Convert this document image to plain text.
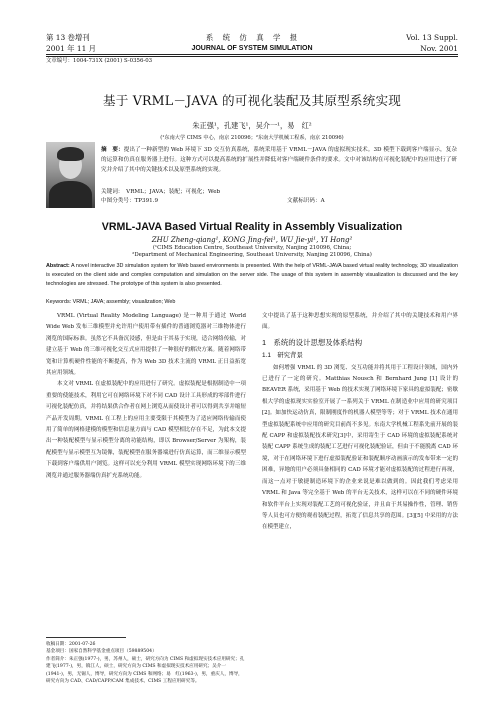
第 13 卷增刊
2001 年 11 月
系　统　仿　真　学　报
JOURNAL OF SYSTEM SIMULATION
Vol. 13 Suppl.
Nov. 2001
文章编号：1004-731X (2001) S-0356-03
基于 VRML－JAVA 的可视化装配及其原型系统实现
朱正强¹，孔建飞¹，吴介一¹，易　红²
(¹东南大学 CIMS 中心，南京 210096；²东南大学机械工程系，南京 210096)
摘　要：提出了一种新型的 Web 环境下 3D 交互仿真系统，系统采用基于 VRML－JAVA 的虚拟现实技术。3D 模型下载到客户端显示，复杂的运算和仿真在服务器上进行。这种方式可以提高系统的扩展性并降低对客户端硬件条件的要求。文中对该结构在可视化装配中的应用进行了研究并介绍了其中的关键技术以及原型系统的实现。
关键词：　VRML；JAVA；装配；可视化；Web
VRML-JAVA Based Virtual Reality in Assembly Visualization
ZHU Zheng-qiang¹, KONG Jing-fei¹, WU Jie-yi¹, YI Hong²
(¹CIMS Education Centre, Southeast University, Nanjing 210096, China;
²Department of Mechanical Engineering, Southeast University, Nanjing 210096, China)
Abstract: A novel interactive 3D simulation system for Web based environments is presented. With the help of VRML-JAVA based virtual reality technology, 3D visualization is executed on the client side and complex computation and simulation on the server side. The usage of this system in assembly visualization is discussed and the key technologies are stressed. The prototype of this system is also presented.
Keywords: VRML; JAVA; assembly; visualization; Web

VRML (Virtual Reality Modeling Language) 是一种用于通过 World Wide Web 发布三维模型并允许用户使用带有插件的普通浏览器对三维物体进行浏览的国际标准。虽然它不具备沉浸感，但是由于其易于实现，适合网络传输，对建立基于 Web 的三维可视化交互式应用提供了一种很好的解决方案。随着网络带宽和计算机硬件性能的不断提高，作为 Web 3D 技术主流的 VRML 正日益拓宽其应用领域。

本文对 VRML 在虚拟装配中的应用进行了研究。虚拟装配是根据制造中一项重要的使能技术，利用它可在网络环境下对不同 CAD 设计工具形成的零部件进行可视化装配仿真，并将结果供合作者在网上浏览从而使设计者可以得到共享并缩短产品开发周期。VRML 在工程上的应用主要受限于其模型为了适应网络传输而使用了简单的网格建模的模型和信息量方面与 CAD 模型相比存在不足，为此本文提出一种装配模型与显示模型分离的功能结构，即以 Browser/Server 为架构，装配模型与显示模型互为镜像，装配模型在服务器端进行仿真运算，而三维显示模型下载到客户端供用户浏览。这样可以充分利用 VRML 模型实现网络环境下的三维浏览并通过服务器端仿真扩充系统功能。

文中提出了基于这种思想实现的原型系统，并介绍了其中的关键技术和用户界面。

1　系统的设计思想及体系结构
1.1　研究背景

如何增强 VRML 的 3D 浏览、交互功能并将其用于工程设计领域，国内外已进行了一定的研究。Matthias Nousch 和 Bernhard Jung [1] 设计的 BEAVER 系统，采用基于 Web 的技术实现了网络环境下家具的虚拟装配；密歇根大学的虚拟现实实验室开展了一系列关于 VRML 在制造业中应用的研究项目[2]。如加快运动仿真，限制刚度作的机器人模型等等；对于 VRML 技术在通用型虚拟装配系统中应用的研究目前尚不多见。东南大学机械工程系先前开展的装配 CAPP 和虚拟装配技术研究[3]中，采用寄生于 CAD 环境的虚拟装配系统对装配 CAPP 系统生成的装配工艺进行可视化装配验证，但由于不能脱离 CAD 环境，对于在网络环境下进行虚拟装配验证和装配顺序动画演示的发布带来一定的困难，异地的用户必须具备相同的 CAD 环境才能对虚拟装配的过程进行再现，而这一点对于敏捷制造环境下的企业来说是难以做到的。因此我们考虑采用 VRML 和 Java 等完全基于 Web 的平台无关技术，这样可以在不同的硬件环境和软件平台上实现对装配工艺的可视化验证，并且由于其易操作性，管理、销售等人员也可方便的观看装配过程，拓宽了信息共享的范围。[3][5] 中采用的方法在模型建立，

收稿日期：2001-07-26
基金项目：国家自然科学基金重点项目（59889504）
作者简介：朱正强(1977-)，男，苏州人，硕士，研究方向为 CIMS 和虚拟现实技术应用研究；孔建飞(1977-)，男，镇江人，硕士，研究方向为 CIMS 和虚拟现实技术应用研究；吴介一(1941-)，男，无锡人，博导，研究方向为 CIMS 和网络；易　红(1963-)，男，重庆人，博导，研究方向为 CAD、CAD/CAPP/CAM 集成技术、CIMS 工程应用研究等。
中图分类号：TP391.9	文献标识码：A
